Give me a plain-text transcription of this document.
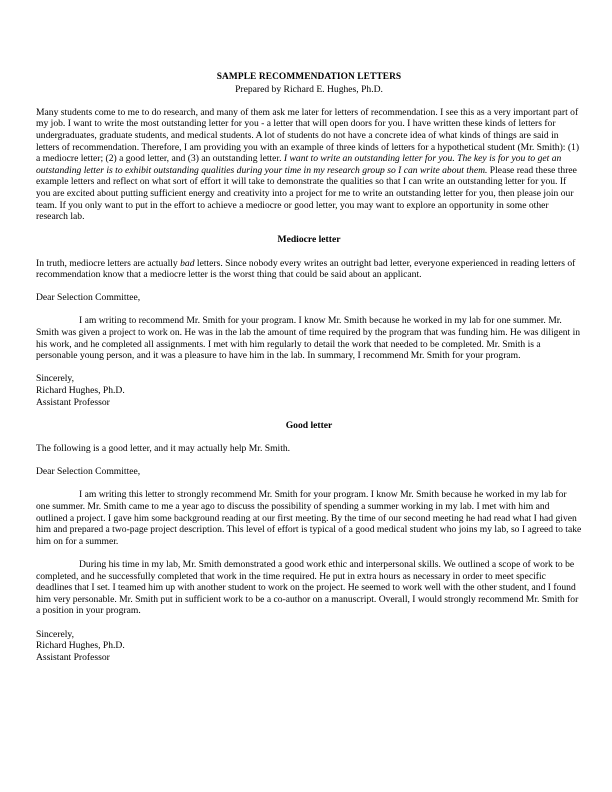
SAMPLE RECOMMENDATION LETTERS
Prepared by Richard E. Hughes, Ph.D.

Many students come to me to do research, and many of them ask me later for letters of recommendation. I see this as a very important part of my job. I want to write the most outstanding letter for you - a letter that will open doors for you. I have written these kinds of letters for undergraduates, graduate students, and medical students. A lot of students do not have a concrete idea of what kinds of things are said in letters of recommendation. Therefore, I am providing you with an example of three kinds of letters for a hypothetical student (Mr. Smith): (1) a mediocre letter; (2) a good letter, and (3) an outstanding letter. I want to write an outstanding letter for you. The key is for you to get an outstanding letter is to exhibit outstanding qualities during your time in my research group so I can write about them. Please read these three example letters and reflect on what sort of effort it will take to demonstrate the qualities so that I can write an outstanding letter for you. If you are excited about putting sufficient energy and creativity into a project for me to write an outstanding letter for you, then please join our team. If you only want to put in the effort to achieve a mediocre or good letter, you may want to explore an opportunity in some other research lab.

Mediocre letter

In truth, mediocre letters are actually bad letters. Since nobody every writes an outright bad letter, everyone experienced in reading letters of recommendation know that a mediocre letter is the worst thing that could be said about an applicant.

Dear Selection Committee,

I am writing to recommend Mr. Smith for your program. I know Mr. Smith because he worked in my lab for one summer. Mr. Smith was given a project to work on. He was in the lab the amount of time required by the program that was funding him. He was diligent in his work, and he completed all assignments. I met with him regularly to detail the work that needed to be completed. Mr. Smith is a personable young person, and it was a pleasure to have him in the lab. In summary, I recommend Mr. Smith for your program.

Sincerely,

Richard Hughes, Ph.D.

Assistant Professor

Good letter

The following is a good letter, and it may actually help Mr. Smith.

Dear Selection Committee,

I am writing this letter to strongly recommend Mr. Smith for your program. I know Mr. Smith because he worked in my lab for one summer. Mr. Smith came to me a year ago to discuss the possibility of spending a summer working in my lab. I met with him and outlined a project. I gave him some background reading at our first meeting. By the time of our second meeting he had read what I had given him and prepared a two-page project description. This level of effort is typical of a good medical student who joins my lab, so I agreed to take him on for a summer.

During his time in my lab, Mr. Smith demonstrated a good work ethic and interpersonal skills. We outlined a scope of work to be completed, and he successfully completed that work in the time required. He put in extra hours as necessary in order to meet specific deadlines that I set. I teamed him up with another student to work on the project. He seemed to work well with the other student, and I found him very personable. Mr. Smith put in sufficient work to be a co-author on a manuscript. Overall, I would strongly recommend Mr. Smith for a position in your program.

Sincerely,

Richard Hughes, Ph.D.

Assistant Professor
